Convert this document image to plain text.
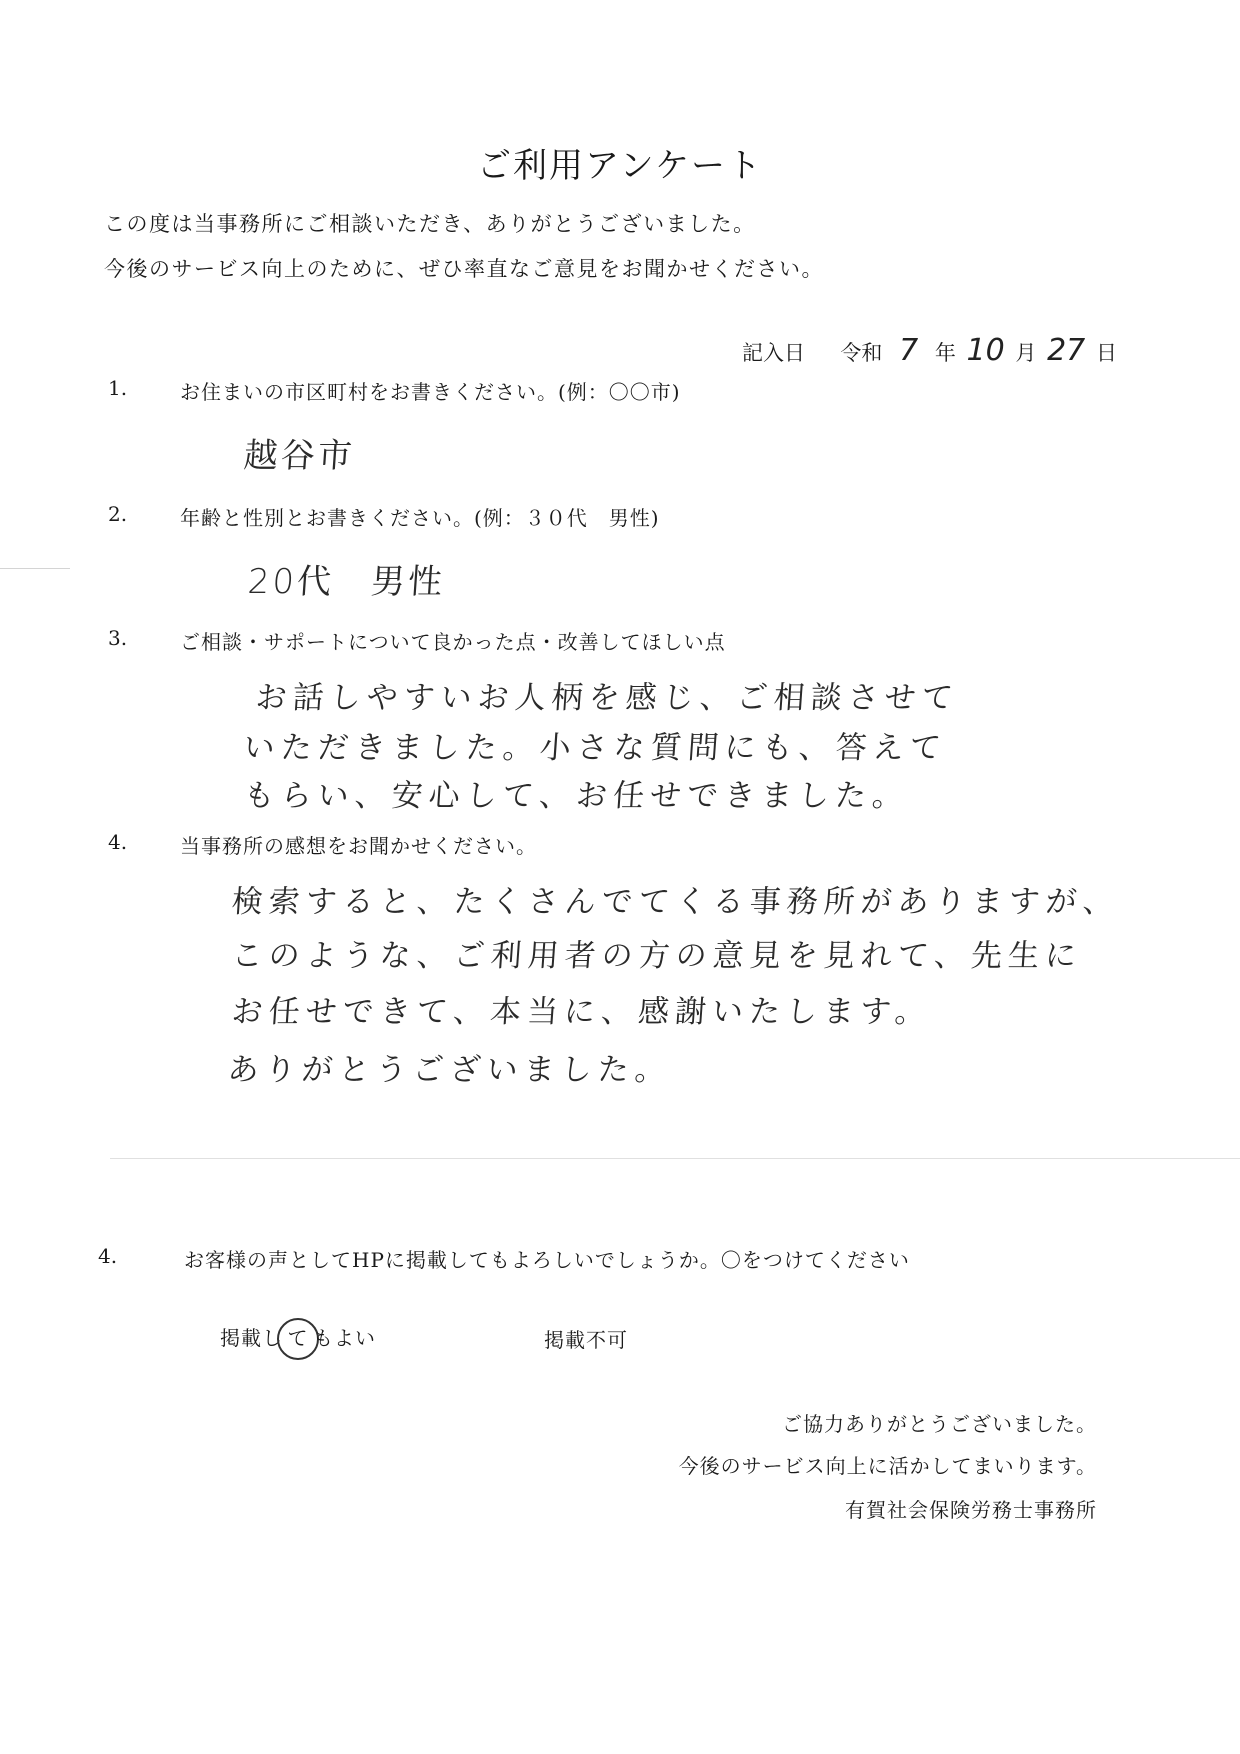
ご利用アンケート
この度は当事務所にご相談いただき、ありがとうございました。
今後のサービス向上のために、ぜひ率直なご意見をお聞かせください。
記入日 令和 7 年 10 月 27 日
1.	お住まいの市区町村をお書きください。(例：〇〇市)
越谷市
2.	年齢と性別とお書きください。(例：３０代　男性)
20代　男性
3.	ご相談・サポートについて良かった点・改善してほしい点
お話しやすいお人柄を感じ、ご相談させて
いただきました。小さな質問にも、答えて
もらい、安心して、お任せできました。
4.	当事務所の感想をお聞かせください。
検索すると、たくさんでてくる事務所がありますが、
このような、ご利用者の方の意見を見れて、先生に
お任せできて、本当に、感謝いたします。
ありがとうございました。
4.	お客様の声としてHPに掲載してもよろしいでしょうか。〇をつけてください
掲載し て もよい	掲載不可
ご協力ありがとうございました。
今後のサービス向上に活かしてまいります。
有賀社会保険労務士事務所
